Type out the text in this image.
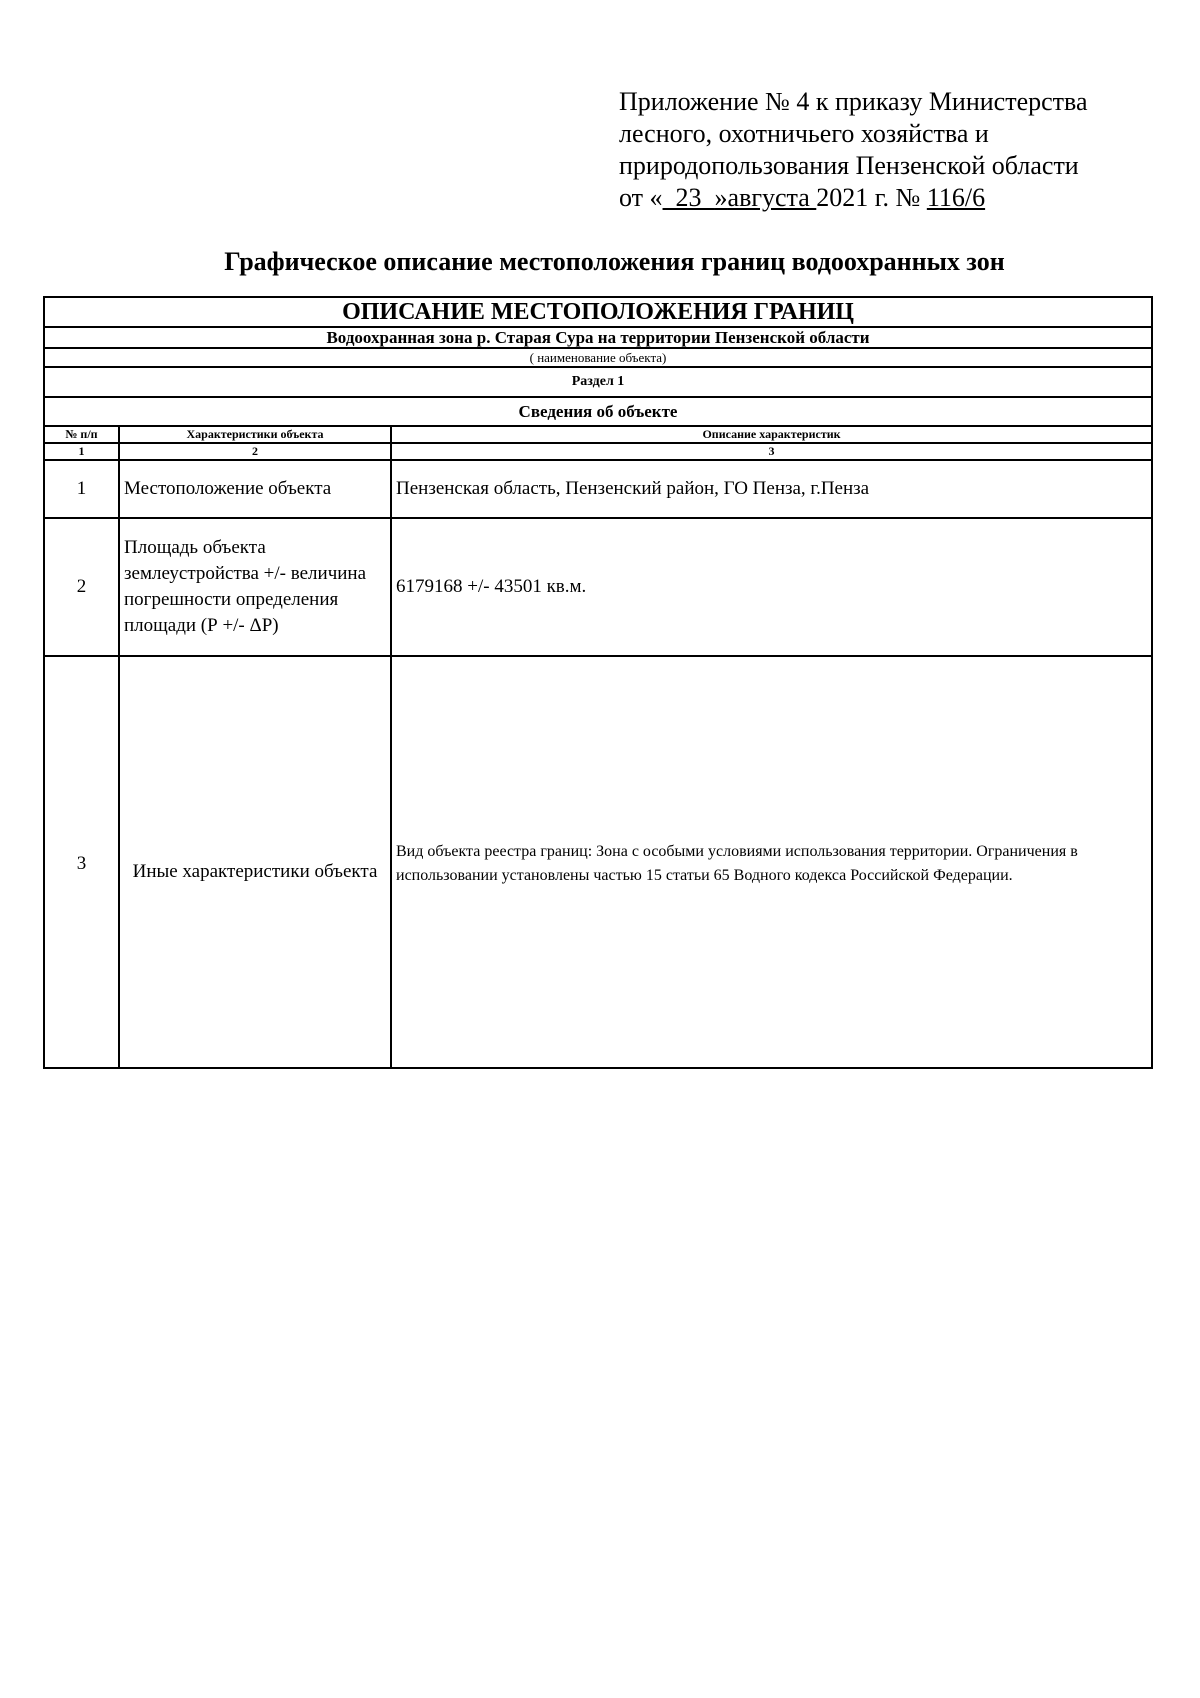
Приложение № 4 к приказу Министерства
лесного, охотничьего хозяйства и
природопользования Пензенской области
от «  23  »августа 2021 г. № 116/6
Графическое описание местоположения границ водоохранных зон
ОПИСАНИЕ МЕСТОПОЛОЖЕНИЯ ГРАНИЦ		
Водоохранная зона р. Старая Сура на территории Пензенской области		
( наименование объекта)		
Раздел 1		
Сведения об объекте		
№ п/п	Характеристики объекта	Описание характеристик
1	2	3
1	Местоположение объекта	Пензенская область, Пензенский район, ГО Пенза, г.Пенза
2	Площадь объекта землеустройства +/- величина погрешности определения площади (Р +/- ΔР)	6179168 +/- 43501 кв.м.
3	Иные характеристики объекта	Вид объекта реестра границ: Зона с особыми условиями использования территории. Ограничения в использовании установлены частью 15 статьи 65 Водного кодекса Российской Федерации.
